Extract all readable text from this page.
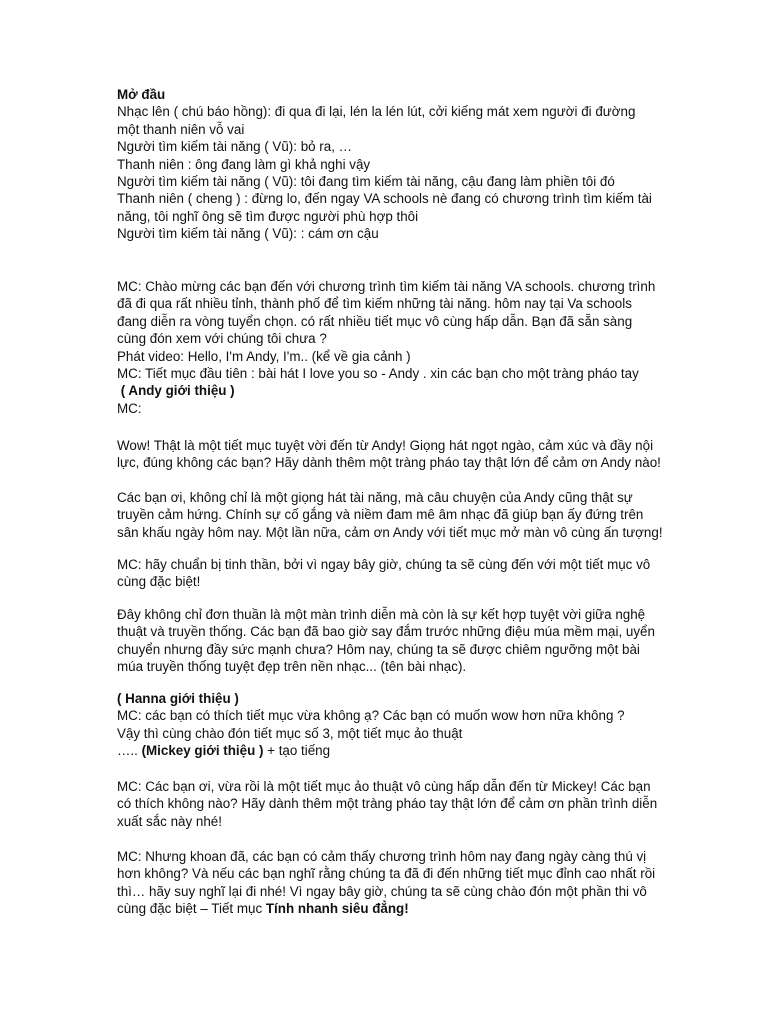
Mở đầu
Nhạc lên ( chú báo hồng): đi qua đi lại, lén la lén lút, cởi kiếng mát xem người đi đường
một thanh niên vỗ vai
Người tìm kiếm tài năng ( Vũ): bỏ ra, …
Thanh niên : ông đang làm gì khả nghi vậy
Người tìm kiếm tài năng ( Vũ): tôi đang tìm kiếm tài năng, cậu đang làm phiền tôi đó
Thanh niên ( cheng ) : đừng lo, đến ngay VA schools nè đang có chương trình tìm kiếm tài
năng, tôi nghĩ ông sẽ tìm được người phù hợp thôi
Người tìm kiếm tài năng ( Vũ): : cám ơn cậu
MC: Chào mừng các bạn đến với chương trình tìm kiếm tài năng VA schools. chương trình
đã đi qua rất nhiều tỉnh, thành phố để tìm kiếm những tài năng. hôm nay tại Va schools
đang diễn ra vòng tuyển chọn. có rất nhiều tiết mục vô cùng hấp dẫn. Bạn đã sẵn sàng
cùng đón xem với chúng tôi chưa ?
Phát video: Hello, I'm Andy, I'm.. (kể về gia cảnh )
MC: Tiết mục đầu tiên : bài hát I love you so - Andy . xin các bạn cho một tràng pháo tay
( Andy giới thiệu )
MC:
Wow! Thật là một tiết mục tuyệt vời đến từ Andy! Giọng hát ngọt ngào, cảm xúc và đầy nội
lực, đúng không các bạn? Hãy dành thêm một tràng pháo tay thật lớn để cảm ơn Andy nào!
Các bạn ơi, không chỉ là một giọng hát tài năng, mà câu chuyện của Andy cũng thật sự
truyền cảm hứng. Chính sự cố gắng và niềm đam mê âm nhạc đã giúp bạn ấy đứng trên
sân khấu ngày hôm nay. Một lần nữa, cảm ơn Andy với tiết mục mở màn vô cùng ấn tượng!
MC: hãy chuẩn bị tinh thần, bởi vì ngay bây giờ, chúng ta sẽ cùng đến với một tiết mục vô
cùng đặc biệt!
Đây không chỉ đơn thuần là một màn trình diễn mà còn là sự kết hợp tuyệt vời giữa nghệ
thuật và truyền thống. Các bạn đã bao giờ say đắm trước những điệu múa mềm mại, uyển
chuyển nhưng đầy sức mạnh chưa? Hôm nay, chúng ta sẽ được chiêm ngưỡng một bài
múa truyền thống tuyệt đẹp trên nền nhạc... (tên bài nhạc).
( Hanna giới thiệu )
MC: các bạn có thích tiết mục vừa không ạ? Các bạn có muốn wow hơn nữa không ?
Vậy thì cùng chào đón tiết mục số 3, một tiết mục ảo thuật
….. (Mickey giới thiệu ) + tạo tiếng
MC: Các bạn ơi, vừa rồi là một tiết mục ảo thuật vô cùng hấp dẫn đến từ Mickey! Các bạn
có thích không nào? Hãy dành thêm một tràng pháo tay thật lớn để cảm ơn phần trình diễn
xuất sắc này nhé!
MC: Nhưng khoan đã, các bạn có cảm thấy chương trình hôm nay đang ngày càng thú vị
hơn không? Và nếu các bạn nghĩ rằng chúng ta đã đi đến những tiết mục đỉnh cao nhất rồi
thì… hãy suy nghĩ lại đi nhé! Vì ngay bây giờ, chúng ta sẽ cùng chào đón một phần thi vô
cùng đặc biệt – Tiết mục Tính nhanh siêu đẳng!
